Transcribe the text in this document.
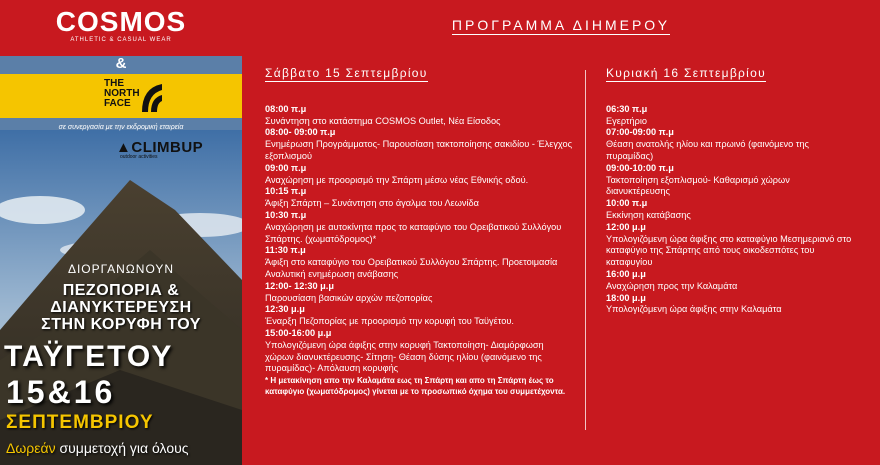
COSMOS
ATHLETIC & CASUAL WEAR
&
THE
NORTH
FACE
σε συνεργασία με την εκδρομική εταιρεία
▲CLIMBUP
outdoor activities
ΔΙΟΡΓΑΝΩΝΟΥΝ
ΠΕΖΟΠΟΡΙΑ &
ΔΙΑΝΥΚΤΕΡΕΥΣΗ
ΣΤΗΝ ΚΟΡΥΦΗ ΤΟΥ
ΤΑΫΓΕΤΟΥ
15&16
ΣΕΠΤΕΜΒΡΙΟΥ
Δωρεάν συμμετοχή για όλους
ΠΡΟΓΡΑΜΜΑ ΔΙΗΜΕΡΟΥ
Σάββατο 15 Σεπτεμβρίου
08:00 π.μ
Συνάντηση στο κατάστημα COSMOS Outlet, Νέα Είσοδος
08:00- 09:00 π.μ
Ενημέρωση Προγράμματος- Παρουσίαση τακτοποίησης σακιδίου - Έλεγχος εξοπλισμού
09:00 π.μ
Αναχώρηση με προορισμό την Σπάρτη μέσω νέας Εθνικής οδού.
10:15 π.μ
Άφιξη Σπάρτη – Συνάντηση στο άγαλμα του Λεωνίδα
10:30 π.μ
Αναχώρηση με αυτοκίνητα προς το καταφύγιο του Ορειβατικού Συλλόγου Σπάρτης. (χωματόδρομος)*
11:30 π.μ
Άφιξη στο καταφύγιο του Ορειβατικού Συλλόγου Σπάρτης. Προετοιμασία Αναλυτική ενημέρωση ανάβασης
12:00- 12:30 μ.μ
Παρουσίαση βασικών αρχών πεζοπορίας
12:30 μ.μ
Έναρξη Πεζοπορίας με προορισμό την κορυφή του Ταϋγέτου.
15:00-16:00 μ.μ
Υπολογιζόμενη ώρα άφιξης στην κορυφή Τακτοποίηση- Διαμόρφωση χώρων διανυκτέρευσης- Σίτηση- Θέαση δύσης ηλίου (φαινόμενο της πυραμίδας)- Απόλαυση κορυφής
* Η μετακίνηση απο την Καλαμάτα εως τη Σπάρτη και απο τη Σπάρτη έως το καταφύγιο (χωματόδρομος) γίνεται με το προσωπικό όχημα του συμμετέχοντα.
Κυριακή 16 Σεπτεμβρίου
06:30 π.μ
Εγερτήριο
07:00-09:00 π.μ
Θέαση ανατολής ηλίου και πρωινό (φαινόμενο της πυραμίδας)
09:00-10:00 π.μ
Τακτοποίηση εξοπλισμού- Καθαρισμό χώρων διανυκτέρευσης
10:00 π.μ
Εκκίνηση κατάβασης
12:00 μ.μ
Υπολογιζόμενη ώρα άφιξης στο καταφύγιο Μεσημεριανό στο καταφύγιο της Σπάρτης από τους οικοδεσπότες του καταφυγίου
16:00 μ.μ
Αναχώρηση προς την Καλαμάτα
18:00 μ.μ
Υπολογιζόμενη ώρα άφιξης στην Καλαμάτα
